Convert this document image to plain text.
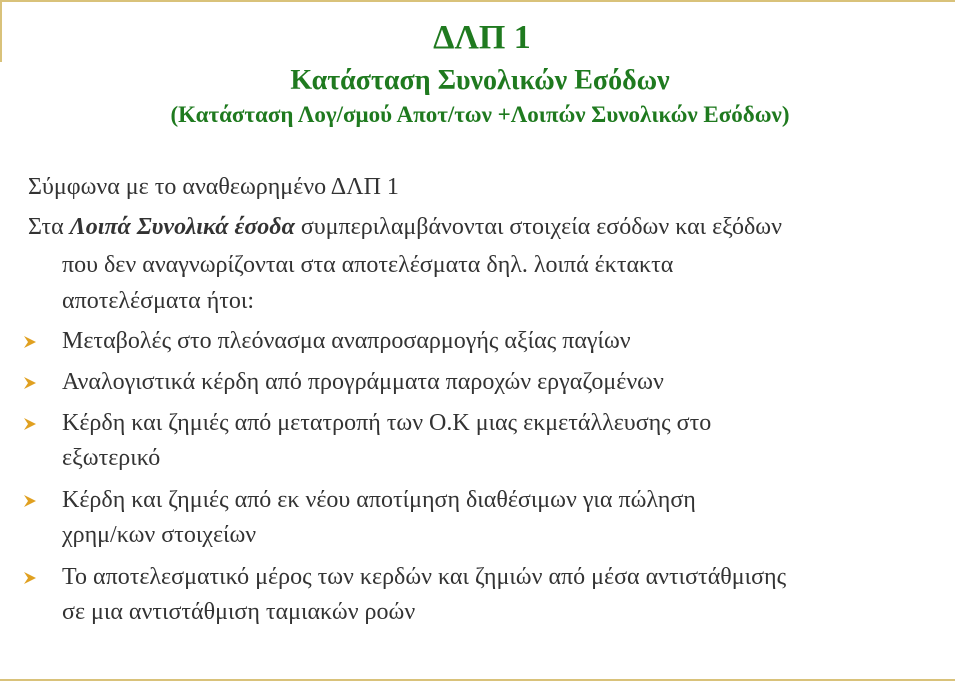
ΔΛΠ 1
Κατάσταση Συνολικών Εσόδων
(Κατάσταση Λογ/σμού Αποτ/των +Λοιπών Συνολικών Εσόδων)
Σύμφωνα με το αναθεωρημένο ΔΛΠ 1
Στα Λοιπά Συνολικά έσοδα συμπεριλαμβάνονται στοιχεία εσόδων και εξόδων
που δεν αναγνωρίζονται στα αποτελέσματα δηλ. λοιπά έκτακτα
αποτελέσματα ήτοι:
Μεταβολές στο πλεόνασμα αναπροσαρμογής αξίας παγίων
Αναλογιστικά κέρδη από προγράμματα παροχών εργαζομένων
Κέρδη και ζημιές από μετατροπή των Ο.Κ μιας εκμετάλλευσης στο
εξωτερικό
Κέρδη και ζημιές από εκ νέου αποτίμηση διαθέσιμων για πώληση
χρημ/κων στοιχείων
Το αποτελεσματικό μέρος των κερδών και ζημιών από μέσα αντιστάθμισης
σε μια αντιστάθμιση ταμιακών ροών
